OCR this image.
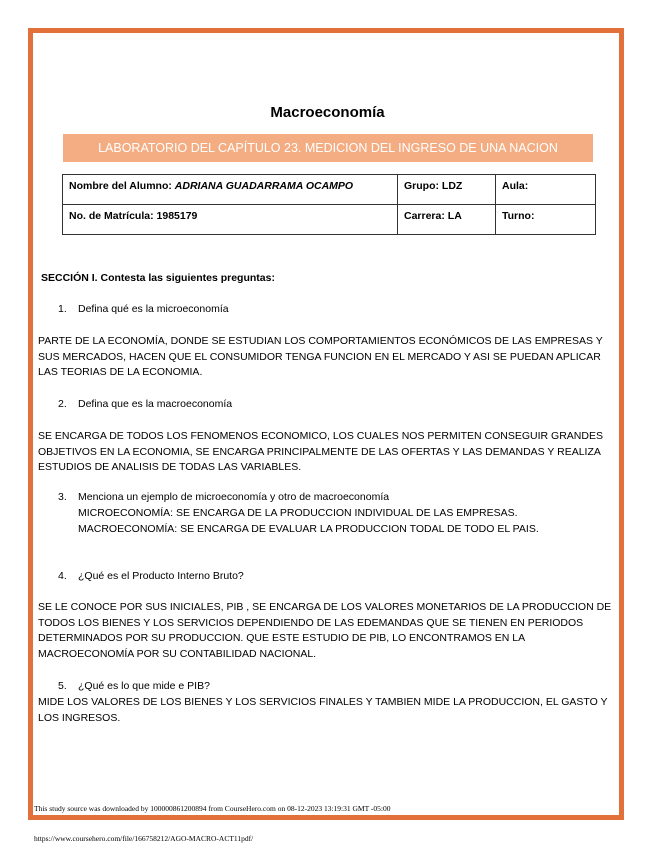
Macroeconomía
LABORATORIO DEL CAPÍTULO 23. MEDICION DEL INGRESO DE UNA NACION
Nombre del Alumno: ADRIANA GUADARRAMA OCAMPO	Grupo: LDZ	Aula:
No. de Matrícula: 1985179	Carrera: LA	Turno:
SECCIÓN I. Contesta las siguientes preguntas:
1. Defina qué es la microeconomía
PARTE DE LA ECONOMÍA, DONDE SE ESTUDIAN LOS COMPORTAMIENTOS ECONÓMICOS DE LAS EMPRESAS Y
SUS MERCADOS, HACEN QUE EL CONSUMIDOR TENGA FUNCION EN EL MERCADO Y ASI SE PUEDAN APLICAR
LAS TEORIAS DE LA ECONOMIA.
2. Defina que es la macroeconomía
SE ENCARGA DE TODOS LOS FENOMENOS ECONOMICO, LOS CUALES NOS PERMITEN CONSEGUIR GRANDES
OBJETIVOS EN LA ECONOMIA, SE ENCARGA PRINCIPALMENTE DE LAS OFERTAS Y LAS DEMANDAS Y REALIZA
ESTUDIOS DE ANALISIS DE TODAS LAS VARIABLES.
3. Menciona un ejemplo de microeconomía y otro de macroeconomía
MICROECONOMÍA: SE ENCARGA DE LA PRODUCCION INDIVIDUAL DE LAS EMPRESAS.
MACROECONOMÍA: SE ENCARGA DE EVALUAR LA PRODUCCION TODAL DE TODO EL PAIS.
4. ¿Qué es el Producto Interno Bruto?
SE LE CONOCE POR SUS INICIALES, PIB , SE ENCARGA DE LOS VALORES MONETARIOS DE LA PRODUCCION DE
TODOS LOS BIENES Y LOS SERVICIOS DEPENDIENDO DE LAS EDEMANDAS QUE SE TIENEN EN PERIODOS
DETERMINADOS POR SU PRODUCCION. QUE ESTE ESTUDIO DE PIB, LO ENCONTRAMOS EN LA
MACROECONOMÍA POR SU CONTABILIDAD NACIONAL.
5. ¿Qué es lo que mide e PIB?
MIDE LOS VALORES DE LOS BIENES Y LOS SERVICIOS FINALES Y TAMBIEN MIDE LA PRODUCCION, EL GASTO Y
LOS INGRESOS.
This study source was downloaded by 100000861200894 from CourseHero.com on 08-12-2023 13:19:31 GMT -05:00
https://www.coursehero.com/file/166758212/AGO-MACRO-ACT11pdf/
